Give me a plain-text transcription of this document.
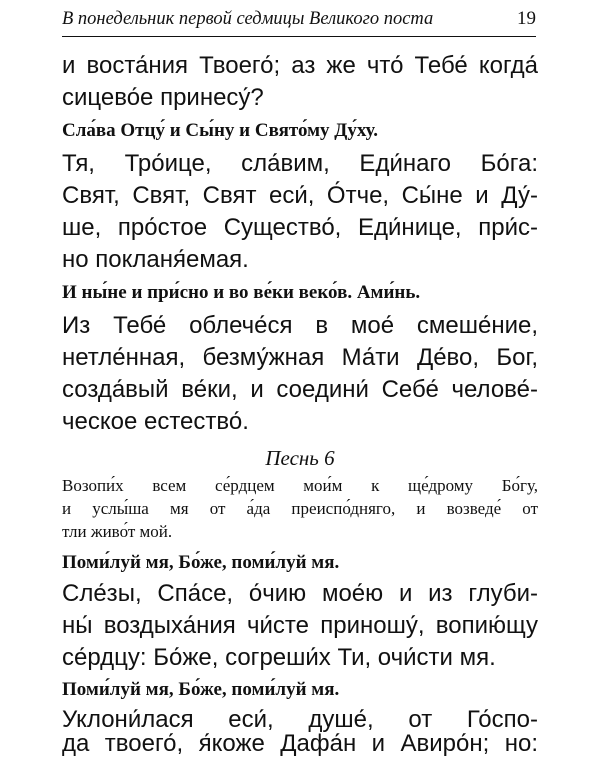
В понедельник первой седмицы Великого поста	19
и воста́ния Твоего́; аз же что́ Тебе́ когда́
сицево́е принесу́?
Сла́ва Отцу́ и Сы́ну и Свято́му Ду́ху.
Тя, Тро́ице, сла́вим, Еди́наго Бо́га:
Свят, Свят, Свят еси́, О́тче, Сы́не и Ду́-
ше, про́стое Существо́, Еди́нице, при́с-
но покланя́емая.
И ны́не и при́сно и во ве́ки веко́в. Ами́нь.
Из Тебе́ облече́ся в мое́ смеше́ние,
нетле́нная, безму́жная Ма́ти Де́во, Бог,
созда́вый ве́ки, и соедини́ Себе́ челове́-
ческое естество́.
Песнь 6
Возопи́х всем се́рдцем мои́м к ще́дрому Бо́гу,
и услы́ша мя от а́да преиспо́дняго, и возведе́ от
тли живо́т мой.
Поми́луй мя, Бо́же, поми́луй мя.
Сле́зы, Спа́се, о́чию мое́ю и из глуби-
ны́ воздыха́ния чи́сте приношу́, вопию́щу
се́рдцу: Бо́же, согреши́х Ти, очи́сти мя.
Поми́луй мя, Бо́же, поми́луй мя.
Уклони́лася еси́, душе́, от Го́спо-
да твоего́, я́коже Дафа́н и Авиро́н; но:
